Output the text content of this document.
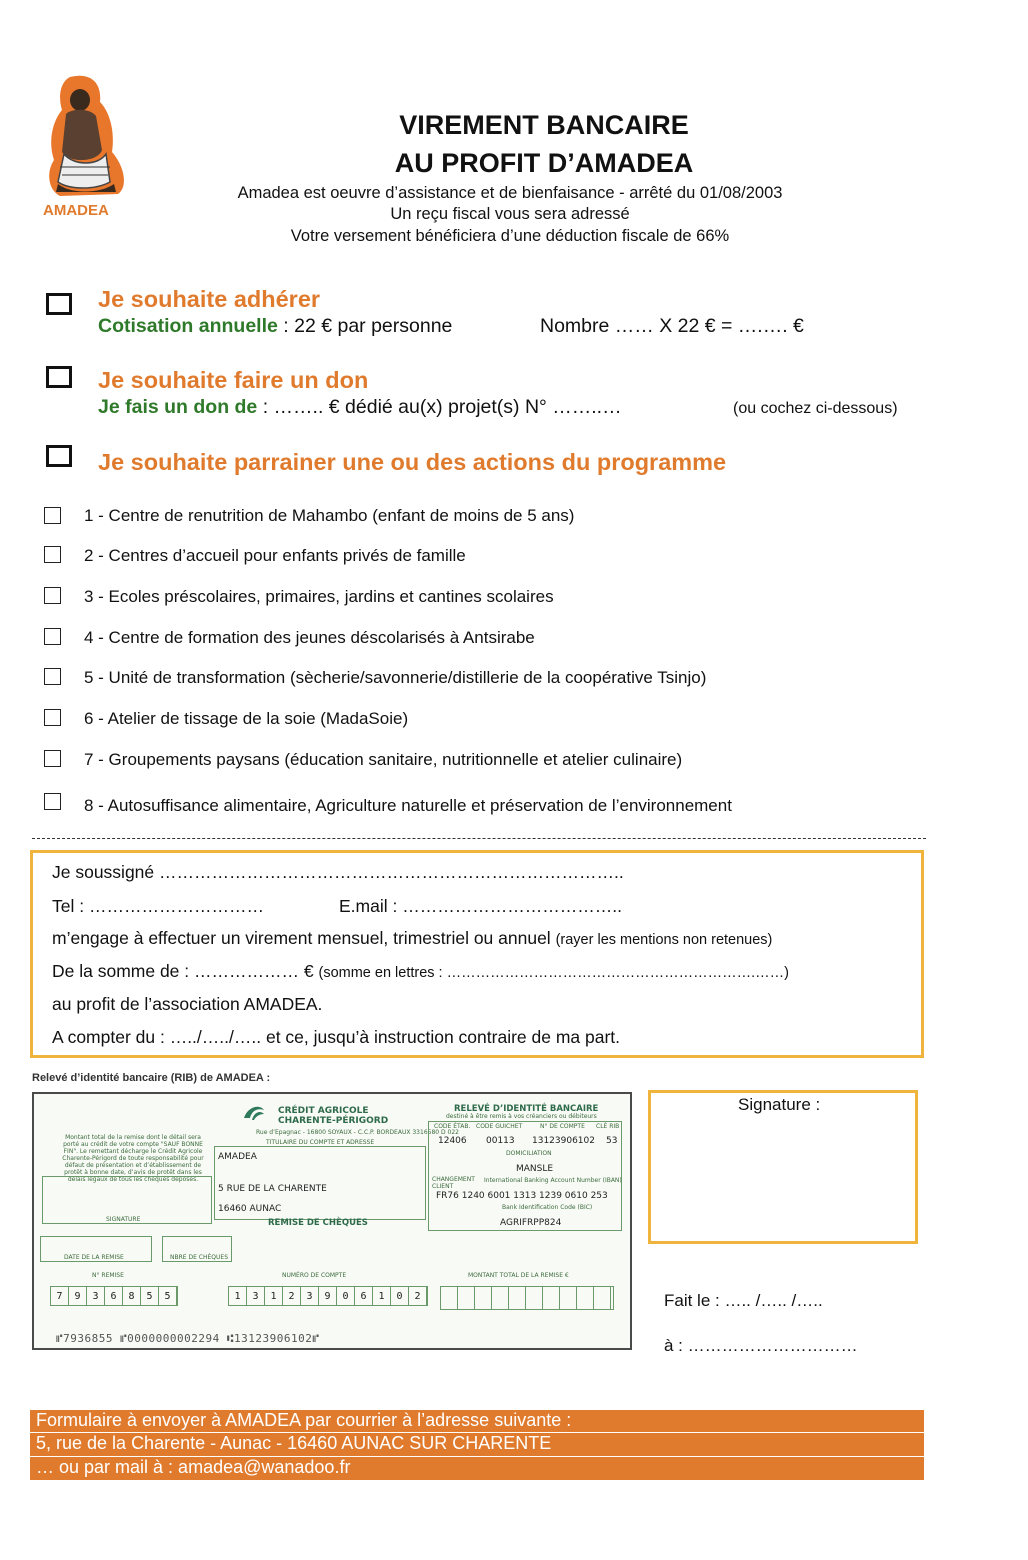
AMADEA
VIREMENT BANCAIRE
AU PROFIT D’AMADEA
Amadea est oeuvre d’assistance et de bienfaisance - arrêté du 01/08/2003
Un reçu fiscal vous sera adressé
Votre versement bénéficiera d’une déduction fiscale de 66%
Je souhaite adhérer
Cotisation annuelle : 22 € par personne	Nombre …… X 22 € = ….…. €
Je souhaite faire un don
Je fais un don de : …….. € dédié au(x) projet(s) N° ……..…	(ou cochez ci-dessous)
Je souhaite parrainer une ou des actions du programme
1 - Centre de renutrition de Mahambo (enfant de moins de 5 ans)
2 - Centres d’accueil pour enfants privés de famille
3 - Ecoles préscolaires, primaires, jardins et cantines scolaires
4 - Centre de formation des jeunes déscolarisés à Antsirabe
5 - Unité de transformation (sècherie/savonnerie/distillerie de la coopérative Tsinjo)
6 - Atelier de tissage de la soie (MadaSoie)
7 - Groupements paysans (éducation sanitaire, nutritionnelle et atelier culinaire)
8 - Autosuffisance alimentaire, Agriculture naturelle et préservation de l’environnement
Je soussigné ……………………………………………………………………..
Tel : …………………………	E.mail : ………………………………..
m’engage à effectuer un virement mensuel, trimestriel ou annuel (rayer les mentions non retenues)
De la somme de : ……………… € (somme en lettres : ……………………………………………………….……)
au profit de l’association AMADEA.
A compter du : …../…../….. et ce, jusqu’à instruction contraire de ma part.
Relevé d’identité bancaire (RIB) de AMADEA :
Montant total de la remise dont le détail sera porté au crédit de votre compte "SAUF BONNE FIN". Le remettant décharge le Crédit Agricole Charente-Périgord de toute responsabilité pour défaut de présentation et d’établissement de protêt à bonne date, d’avis de protêt dans les délais légaux de tous les chèques déposés.
SIGNATURE
DATE DE LA REMISE	NBRE DE CHÈQUES
CRÉDIT AGRICOLE
CHARENTE-PÉRIGORD
Rue d’Epagnac - 16800 SOYAUX - C.C.P. BORDEAUX 3316580 D 022
TITULAIRE DU COMPTE ET ADRESSE
AMADEA
5 RUE DE LA CHARENTE
16460 AUNAC
REMISE DE CHÈQUES
RELEVÉ D’IDENTITÉ BANCAIRE
destiné à être remis à vos créanciers ou débiteurs
CODE ÉTAB. CODE GUICHET	N° DE COMPTE CLÉ RIB
12406 00113 13123906102 53
DOMICILIATION
MANSLE
CHANGEMENT CLIENT
International Banking Account Number (IBAN)
FR76 1240 6001 1313 1239 0610 253
Bank Identification Code (BIC)
AGRIFRPP824
N° REMISE
7	9	3	6	8	5	5
NUMÉRO DE COMPTE
1	3	1	2	3	9	0	6	1	0	2
MONTANT TOTAL DE LA REMISE €
⑈7936855 ⑈0000000002294 ⑆13123906102⑈
Signature :
Fait le : ….. /….. /…..
à : …………………………
Formulaire à envoyer à AMADEA par courrier à l’adresse suivante :
5, rue de la Charente - Aunac - 16460 AUNAC SUR CHARENTE
… ou par mail à : amadea@wanadoo.fr
